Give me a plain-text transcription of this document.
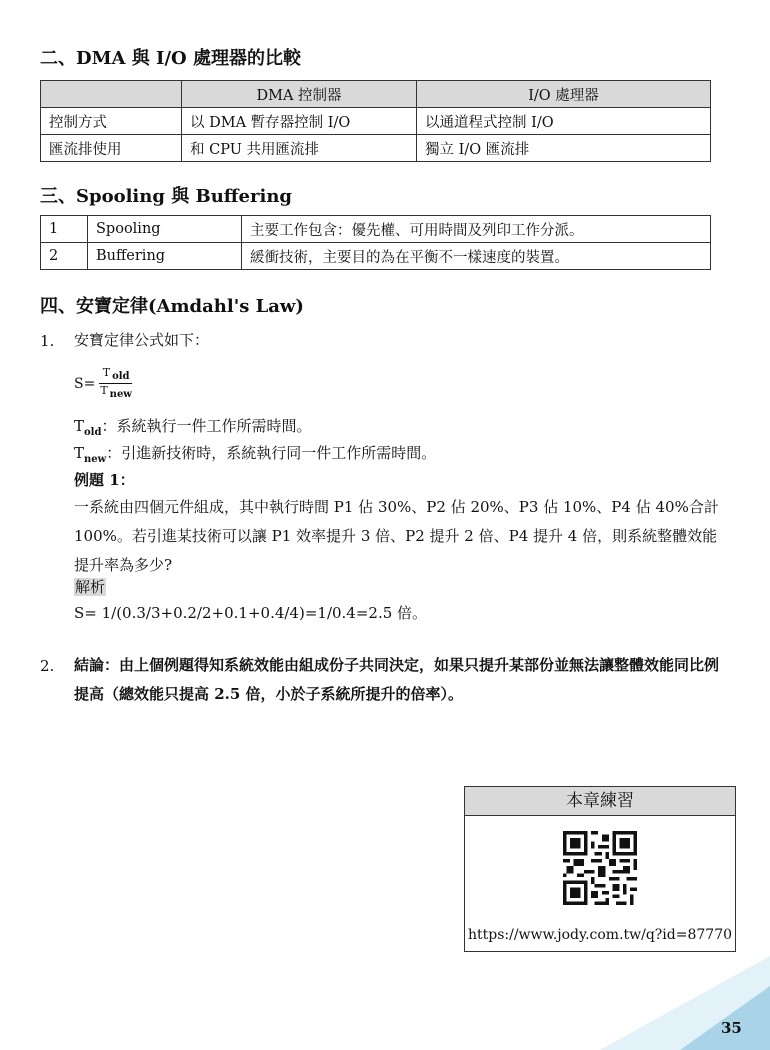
二、DMA 與 I/O 處理器的比較
	DMA 控制器	I/O 處理器
控制方式	以 DMA 暫存器控制 I/O	以通道程式控制 I/O
匯流排使用	和 CPU 共用匯流排	獨立 I/O 匯流排
三、Spooling 與 Buffering
1	Spooling	主要工作包含：優先權、可用時間及列印工作分派。
2	Buffering	緩衝技術，主要目的為在平衡不一樣速度的裝置。
四、安寶定律(Amdahl's Law)
1. 安寶定律公式如下：
S=
T $_{old}$
T $_{new}$
$T_{old}$：系統執行一件工作所需時間。
$T_{new}$：引進新技術時，系統執行同一件工作所需時間。
例題 1：
一系統由四個元件組成，其中執行時間 P1 佔 30%、P2 佔 20%、P3 佔 10%、P4 佔 40%合計 100%。若引進某技術可以讓 P1 效率提升 3 倍、P2 提升 2 倍、P4 提升 4 倍，則系統整體效能提升率為多少?
解析
S= 1/(0.3/3+0.2/2+0.1+0.4/4)=1/0.4=2.5 倍。
2. 結論：由上個例題得知系統效能由組成份子共同決定，如果只提升某部份並無法讓整體效能同比例提高（總效能只提高 2.5 倍，小於子系統所提升的倍率）。
本章練習
https://www.jody.com.tw/q?id=87770
35
